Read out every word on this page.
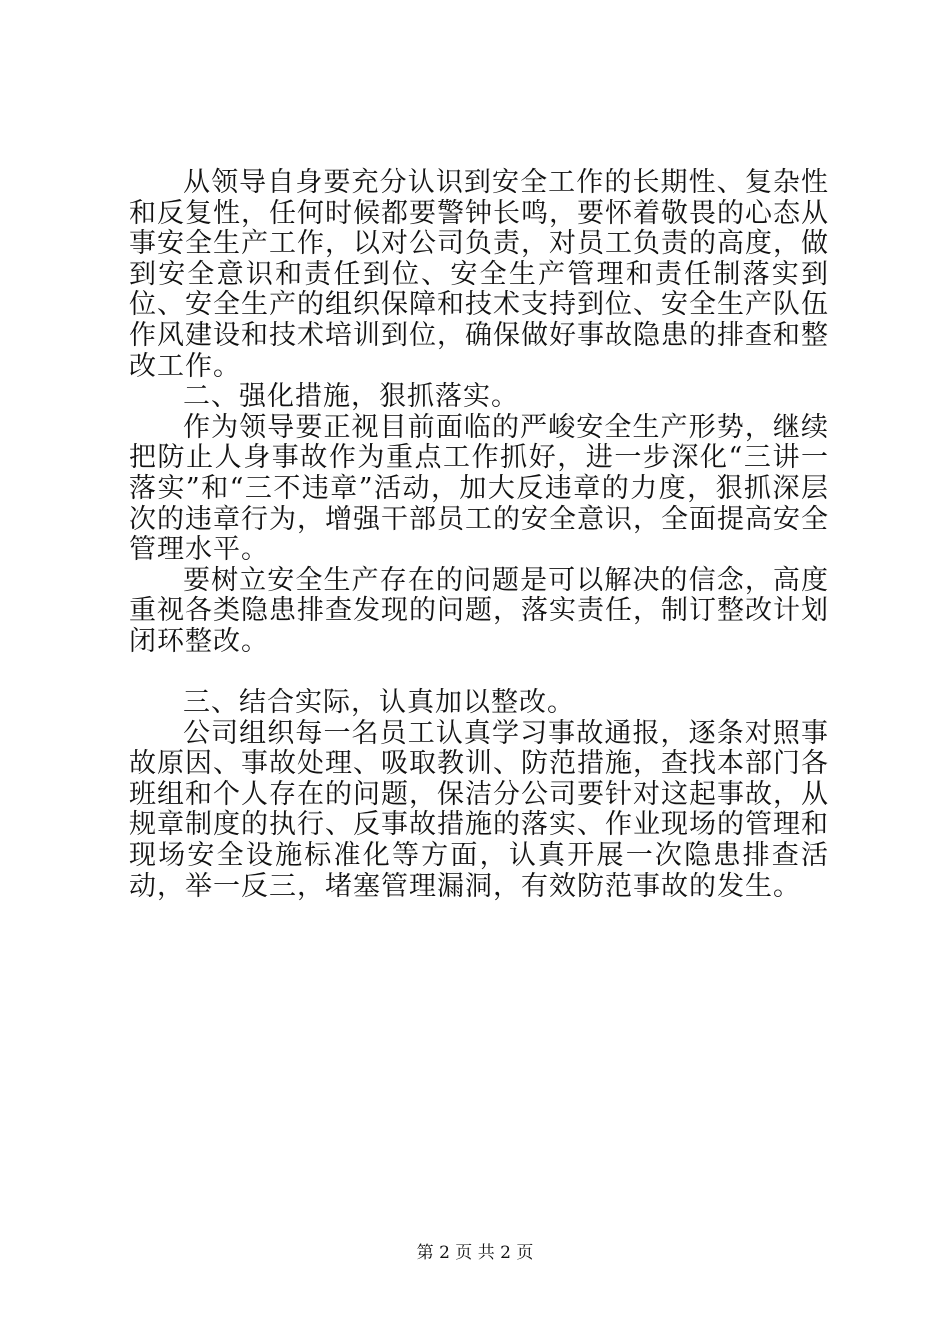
从领导自身要充分认识到安全工作的长期性、复杂性和反复性，任何时候都要警钟长鸣，要怀着敬畏的心态从事安全生产工作，以对公司负责，对员工负责的高度，做到安全意识和责任到位、安全生产管理和责任制落实到位、安全生产的组织保障和技术支持到位、安全生产队伍作风建设和技术培训到位，确保做好事故隐患的排查和整改工作。

二、强化措施，狠抓落实。

作为领导要正视目前面临的严峻安全生产形势，继续把防止人身事故作为重点工作抓好，进一步深化“三讲一落实”和“三不违章”活动，加大反违章的力度，狠抓深层次的违章行为，增强干部员工的安全意识，全面提高安全管理水平。

要树立安全生产存在的问题是可以解决的信念，高度重视各类隐患排查发现的问题，落实责任，制订整改计划闭环整改。

三、结合实际，认真加以整改。

公司组织每一名员工认真学习事故通报，逐条对照事故原因、事故处理、吸取教训、防范措施，查找本部门各班组和个人存在的问题，保洁分公司要针对这起事故，从规章制度的执行、反事故措施的落实、作业现场的管理和现场安全设施标准化等方面，认真开展一次隐患排查活动，举一反三，堵塞管理漏洞，有效防范事故的发生。

第 2 页 共 2 页
